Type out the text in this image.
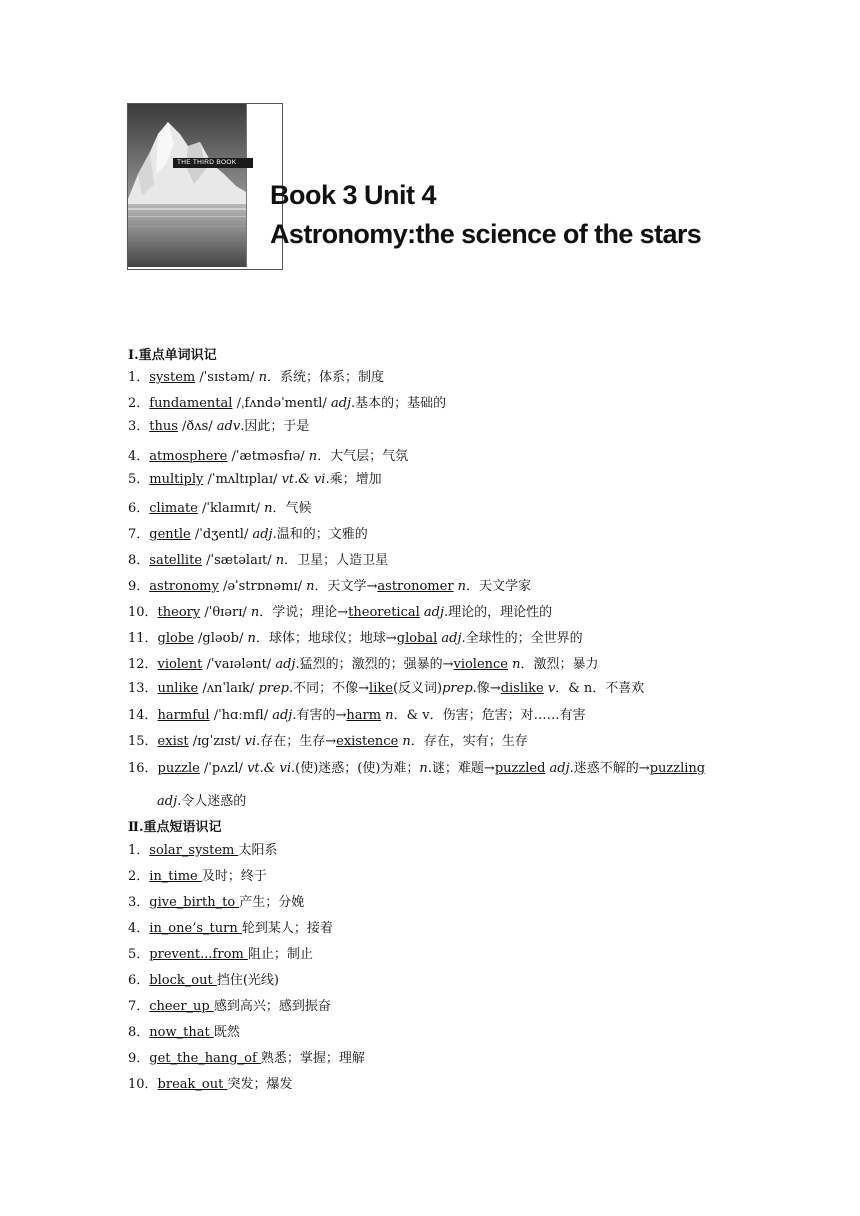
THE THIRD BOOK
Book 3 Unit 4
Astronomy:the science of the stars
Ⅰ.重点单词识记
1．system /ˈsɪstəm/ n．系统；体系；制度
2．fundamental /ˌfʌndəˈmentl/ adj.基本的；基础的
3．thus /ðʌs/ adv.因此；于是
4．atmosphere /ˈætməsfɪə/ n．大气层；气氛
5．multiply /ˈmʌltɪplaɪ/ vt.& vi.乘；增加
6．climate /ˈklaɪmɪt/ n．气候
7．gentle /ˈdʒentl/ adj.温和的；文雅的
8．satellite /ˈsætəlaɪt/ n．卫星；人造卫星
9．astronomy /əˈstrɒnəmɪ/ n．天文学→astronomer n．天文学家
10．theory /ˈθɪərɪ/ n．学说；理论→theoretical adj.理论的，理论性的
11．globe /gləʊb/ n．球体；地球仪；地球→global adj.全球性的；全世界的
12．violent /ˈvaɪələnt/ adj.猛烈的；激烈的；强暴的→violence n．激烈；暴力
13．unlike /ʌnˈlaɪk/ prep.不同；不像→like(反义词)prep.像→dislike v．& n．不喜欢
14．harmful /ˈhɑːmfl/ adj.有害的→harm n．& v．伤害；危害；对……有害
15．exist /ɪgˈzɪst/ vi.存在；生存→existence n．存在，实有；生存
16．puzzle /ˈpʌzl/ vt.& vi.(使)迷惑；(使)为难；n.谜；难题→puzzled adj.迷惑不解的→puzzling
adj.令人迷惑的
Ⅱ.重点短语识记
1．solar_system 太阳系
2．in_time 及时；终于
3．give_birth_to 产生；分娩
4．in_one’s_turn 轮到某人；接着
5．prevent...from 阻止；制止
6．block_out 挡住(光线)
7．cheer_up 感到高兴；感到振奋
8．now_that 既然
9．get_the_hang_of 熟悉；掌握；理解
10．break_out 突发；爆发
